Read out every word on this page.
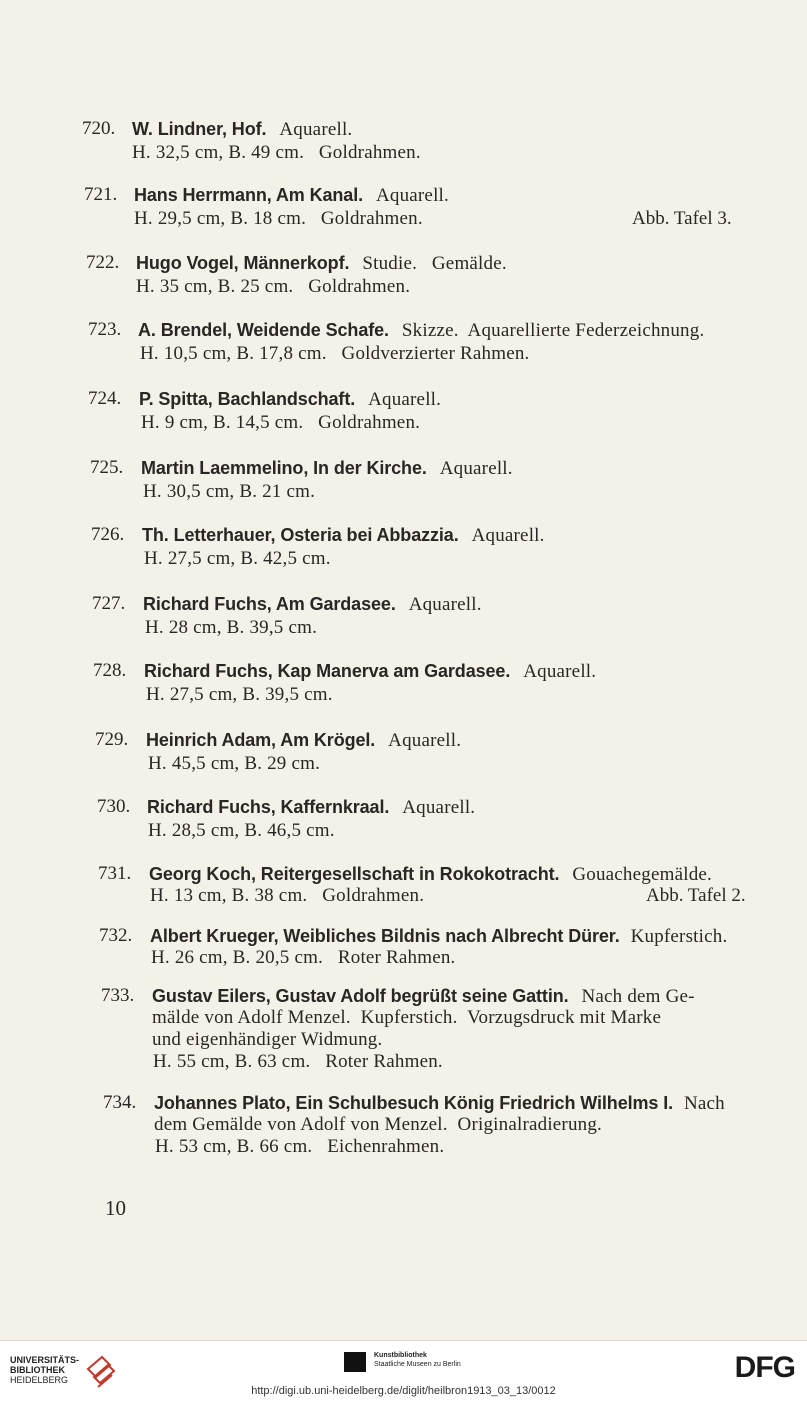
720. W. Lindner, Hof. Aquarell.
H. 32,5 cm, B. 49 cm.   Goldrahmen.
721. Hans Herrmann, Am Kanal. Aquarell.
H. 29,5 cm, B. 18 cm.   Goldrahmen.	Abb. Tafel 3.
722. Hugo Vogel, Männerkopf. Studie.   Gemälde.
H. 35 cm, B. 25 cm.   Goldrahmen.
723. A. Brendel, Weidende Schafe. Skizze.  Aquarellierte Federzeichnung.
H. 10,5 cm, B. 17,8 cm.   Goldverzierter Rahmen.
724. P. Spitta, Bachlandschaft. Aquarell.
H. 9 cm, B. 14,5 cm.   Goldrahmen.
725. Martin Laemmelino, In der Kirche. Aquarell.
H. 30,5 cm, B. 21 cm.
726. Th. Letterhauer, Osteria bei Abbazzia. Aquarell.
H. 27,5 cm, B. 42,5 cm.
727. Richard Fuchs, Am Gardasee. Aquarell.
H. 28 cm, B. 39,5 cm.
728. Richard Fuchs, Kap Manerva am Gardasee. Aquarell.
H. 27,5 cm, B. 39,5 cm.
729. Heinrich Adam, Am Krögel. Aquarell.
H. 45,5 cm, B. 29 cm.
730. Richard Fuchs, Kaffernkraal. Aquarell.
H. 28,5 cm, B. 46,5 cm.
731. Georg Koch, Reitergesellschaft in Rokokotracht. Gouachegemälde.
H. 13 cm, B. 38 cm.   Goldrahmen.	Abb. Tafel 2.
732. Albert Krueger, Weibliches Bildnis nach Albrecht Dürer. Kupferstich.
H. 26 cm, B. 20,5 cm.   Roter Rahmen.
733. Gustav Eilers, Gustav Adolf begrüßt seine Gattin. Nach dem Ge-
mälde von Adolf Menzel.  Kupferstich.  Vorzugsdruck mit Marke
und eigenhändiger Widmung.
H. 55 cm, B. 63 cm.   Roter Rahmen.
734. Johannes Plato, Ein Schulbesuch König Friedrich Wilhelms I. Nach
dem Gemälde von Adolf von Menzel.  Originalradierung.
H. 53 cm, B. 66 cm.   Eichenrahmen.
10
UNIVERSITÄTS-
BIBLIOTHEK
HEIDELBERG
Kunstbibliothek
Staatliche Museen zu Berlin
http://digi.ub.uni-heidelberg.de/diglit/heilbron1913_03_13/0012
DFG
